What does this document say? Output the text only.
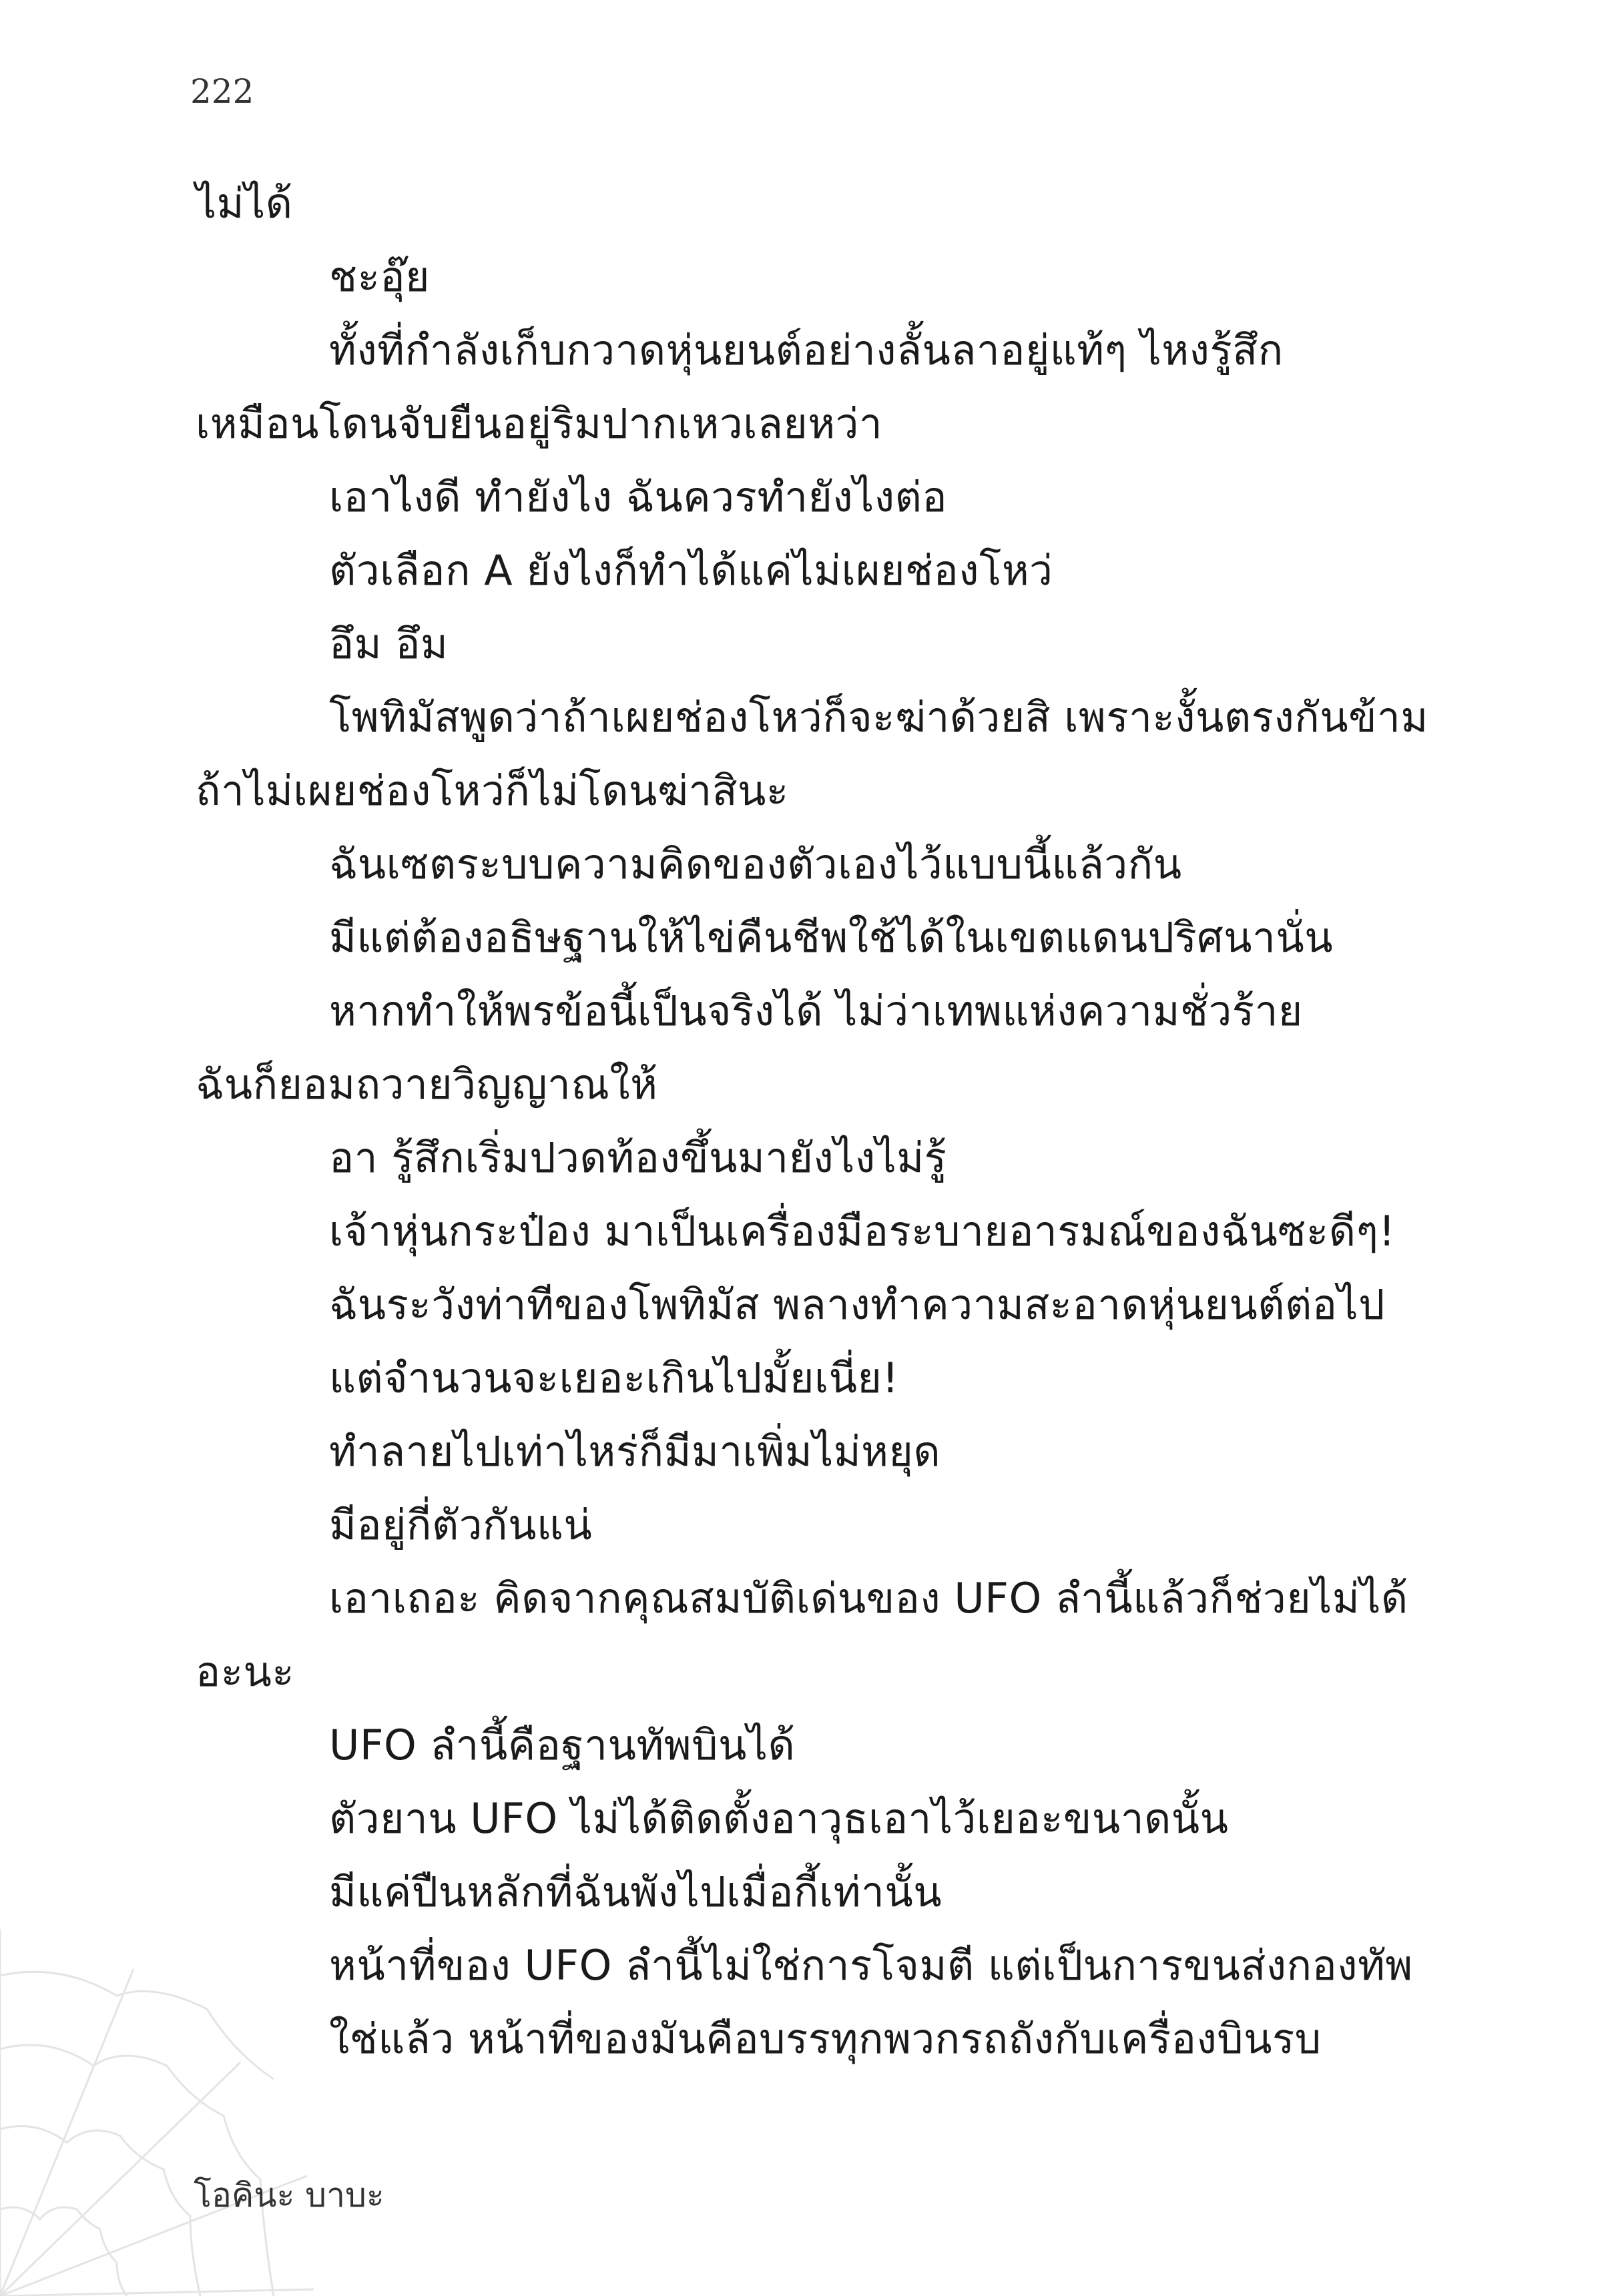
222
ไม่ได้
ชะอุ๊ย
ทั้งที่กำลังเก็บกวาดหุ่นยนต์อย่างลั้นลาอยู่แท้ๆ ไหงรู้สึก
เหมือนโดนจับยืนอยู่ริมปากเหวเลยหว่า
เอาไงดี ทำยังไง ฉันควรทำยังไงต่อ
ตัวเลือก A ยังไงก็ทำได้แค่ไม่เผยช่องโหว่
อึม อึม
โพทิมัสพูดว่าถ้าเผยช่องโหว่ก็จะฆ่าด้วยสิ เพราะงั้นตรงกันข้าม
ถ้าไม่เผยช่องโหว่ก็ไม่โดนฆ่าสินะ
ฉันเซตระบบความคิดของตัวเองไว้แบบนี้แล้วกัน
มีแต่ต้องอธิษฐานให้ไข่คืนชีพใช้ได้ในเขตแดนปริศนานั่น
หากทำให้พรข้อนี้เป็นจริงได้ ไม่ว่าเทพแห่งความชั่วร้าย
ฉันก็ยอมถวายวิญญาณให้
อา รู้สึกเริ่มปวดท้องขึ้นมายังไงไม่รู้
เจ้าหุ่นกระป๋อง มาเป็นเครื่องมือระบายอารมณ์ของฉันซะดีๆ!
ฉันระวังท่าทีของโพทิมัส พลางทำความสะอาดหุ่นยนต์ต่อไป
แต่จำนวนจะเยอะเกินไปมั้ยเนี่ย!
ทำลายไปเท่าไหร่ก็มีมาเพิ่มไม่หยุด
มีอยู่กี่ตัวกันแน่
เอาเถอะ คิดจากคุณสมบัติเด่นของ UFO ลำนี้แล้วก็ช่วยไม่ได้
อะนะ
UFO ลำนี้คือฐานทัพบินได้
ตัวยาน UFO ไม่ได้ติดตั้งอาวุธเอาไว้เยอะขนาดนั้น
มีแค่ปืนหลักที่ฉันพังไปเมื่อกี้เท่านั้น
หน้าที่ของ UFO ลำนี้ไม่ใช่การโจมตี แต่เป็นการขนส่งกองทัพ
ใช่แล้ว หน้าที่ของมันคือบรรทุกพวกรถถังกับเครื่องบินรบ
โอคินะ บาบะ
